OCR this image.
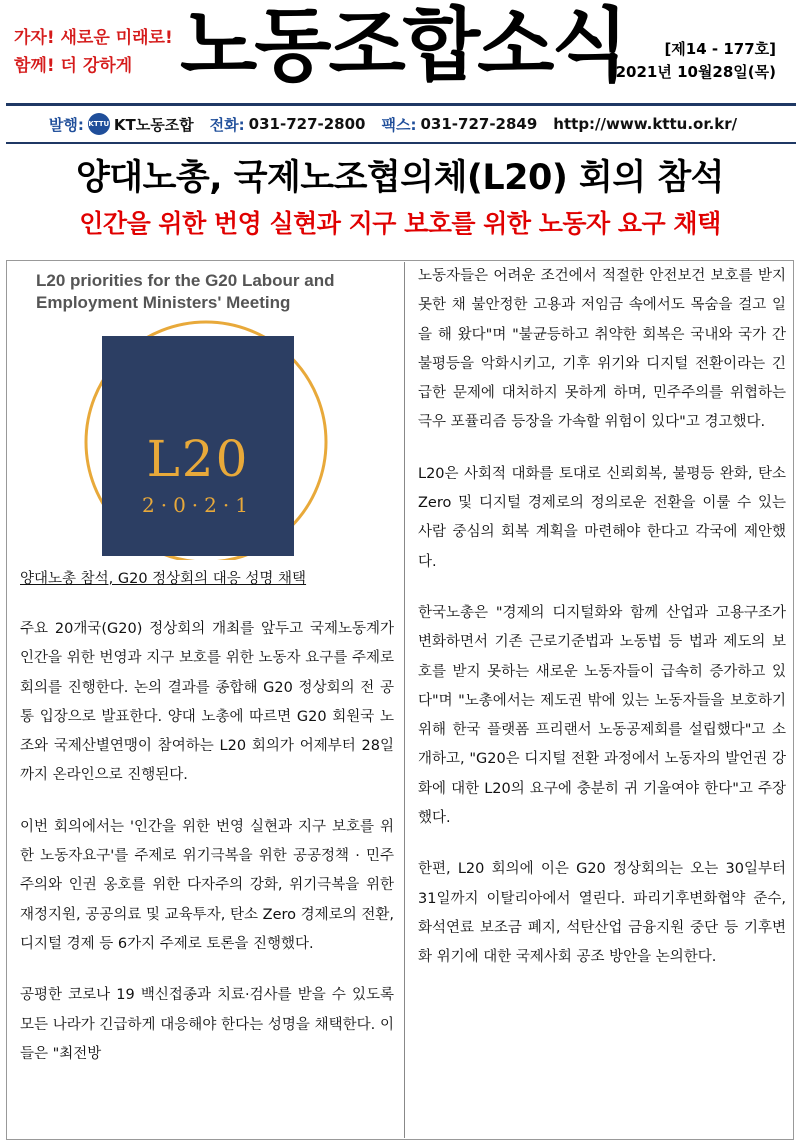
가자! 새로운 미래로!
함께! 더 강하게 노동조합소식	[제14 - 177호]
2021년 10월28일(목)
발행: KTTU KT노동조합 전화: 031-727-2800 팩스: 031-727-2849 http://www.kttu.or.kr/
양대노총, 국제노조협의체(L20) 회의 참석
인간을 위한 번영 실현과 지구 보호를 위한 노동자 요구 채택
L20 priorities for the G20 Labour and Employment Ministers' Meeting
L20
2·0·2·1
양대노총 참석, G20 정상회의 대응 성명 채택

주요 20개국(G20) 정상회의 개최를 앞두고 국제노동계가 인간을 위한 번영과 지구 보호를 위한 노동자 요구를 주제로 회의를 진행한다. 논의 결과를 종합해 G20 정상회의 전 공통 입장으로 발표한다. 양대 노총에 따르면 G20 회원국 노조와 국제산별연맹이 참여하는 L20 회의가 어제부터 28일까지 온라인으로 진행된다.

이번 회의에서는 '인간을 위한 번영 실현과 지구 보호를 위한 노동자요구'를 주제로 위기극복을 위한 공공정책 · 민주주의와 인권 옹호를 위한 다자주의 강화, 위기극복을 위한 재정지원, 공공의료 및 교육투자, 탄소 Zero 경제로의 전환, 디지털 경제 등 6가지 주제로 토론을 진행했다.

공평한 코로나 19 백신접종과 치료·검사를 받을 수 있도록 모든 나라가 긴급하게 대응해야 한다는 성명을 채택한다. 이들은 "최전방

노동자들은 어려운 조건에서 적절한 안전보건 보호를 받지 못한 채 불안정한 고용과 저임금 속에서도 목숨을 걸고 일을 해 왔다"며 "불균등하고 취약한 회복은 국내와 국가 간 불평등을 악화시키고, 기후 위기와 디지털 전환이라는 긴급한 문제에 대처하지 못하게 하며, 민주주의를 위협하는 극우 포퓰리즘 등장을 가속할 위험이 있다"고 경고했다.

L20은 사회적 대화를 토대로 신뢰회복, 불평등 완화, 탄소 Zero 및 디지털 경제로의 정의로운 전환을 이룰 수 있는 사람 중심의 회복 계획을 마련해야 한다고 각국에 제안했다.

한국노총은 "경제의 디지털화와 함께 산업과 고용구조가 변화하면서 기존 근로기준법과 노동법 등 법과 제도의 보호를 받지 못하는 새로운 노동자들이 급속히 증가하고 있다"며 "노총에서는 제도권 밖에 있는 노동자들을 보호하기 위해 한국 플랫폼 프리랜서 노동공제회를 설립했다"고 소개하고, "G20은 디지털 전환 과정에서 노동자의 발언권 강화에 대한 L20의 요구에 충분히 귀 기울여야 한다"고 주장했다.

한편, L20 회의에 이은 G20 정상회의는 오는 30일부터 31일까지 이탈리아에서 열린다. 파리기후변화협약 준수, 화석연료 보조금 폐지, 석탄산업 금융지원 중단 등 기후변화 위기에 대한 국제사회 공조 방안을 논의한다.
